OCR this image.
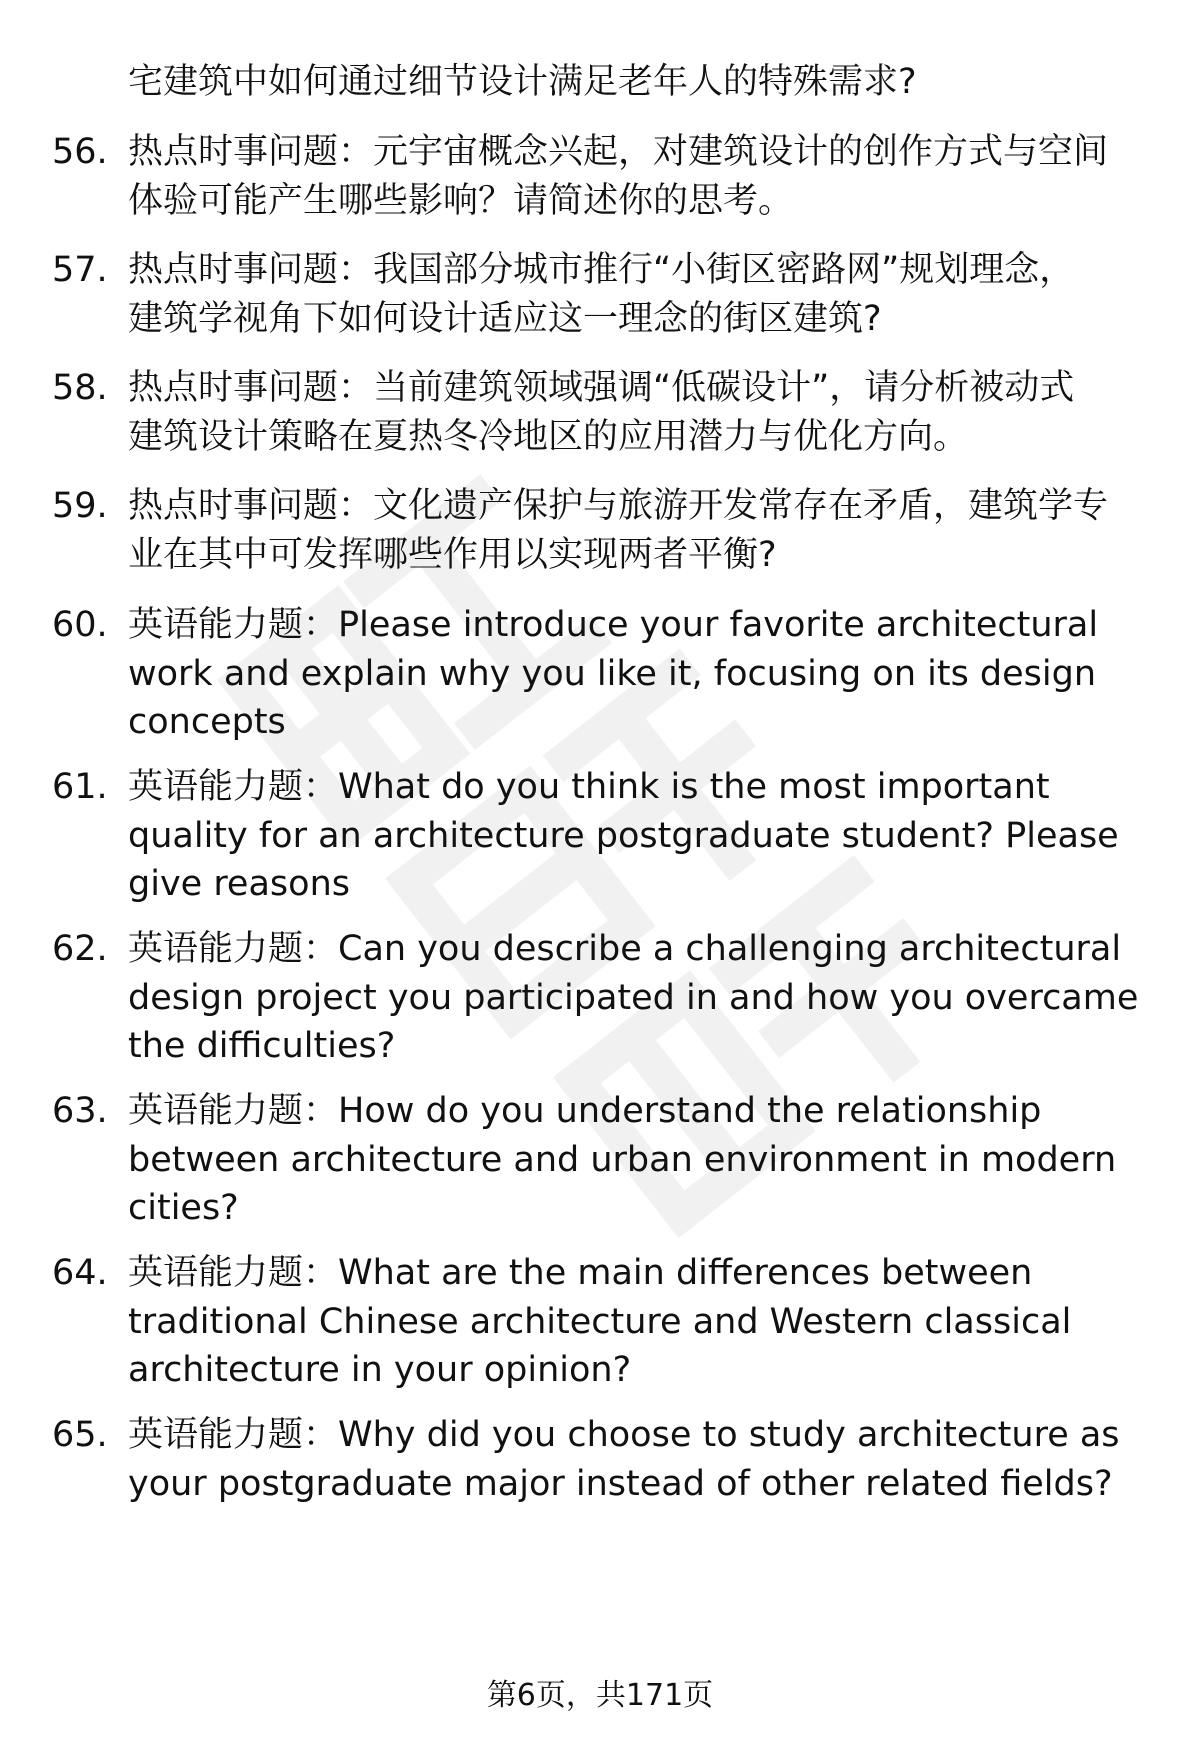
宅建筑中如何通过细节设计满足老年人的特殊需求?
56. 热点时事问题：元宇宙概念兴起，对建筑设计的创作方式与空间
体验可能产生哪些影响？请简述你的思考。
57. 热点时事问题：我国部分城市推行“小街区密路网”规划理念，
建筑学视角下如何设计适应这一理念的街区建筑?
58. 热点时事问题：当前建筑领域强调“低碳设计”，请分析被动式
建筑设计策略在夏热冬冷地区的应用潜力与优化方向。
59. 热点时事问题：文化遗产保护与旅游开发常存在矛盾，建筑学专
业在其中可发挥哪些作用以实现两者平衡?
60. 英语能力题：Please introduce your favorite architectural
work and explain why you like it, focusing on its design
concepts
61. 英语能力题：What do you think is the most important
quality for an architecture postgraduate student? Please
give reasons
62. 英语能力题：Can you describe a challenging architectural
design project you participated in and how you overcame
the difficulties?
63. 英语能力题：How do you understand the relationship
between architecture and urban environment in modern
cities?
64. 英语能力题：What are the main differences between
traditional Chinese architecture and Western classical
architecture in your opinion?
65. 英语能力题：Why did you choose to study architecture as
your postgraduate major instead of other related fields?
第6页，共171页
